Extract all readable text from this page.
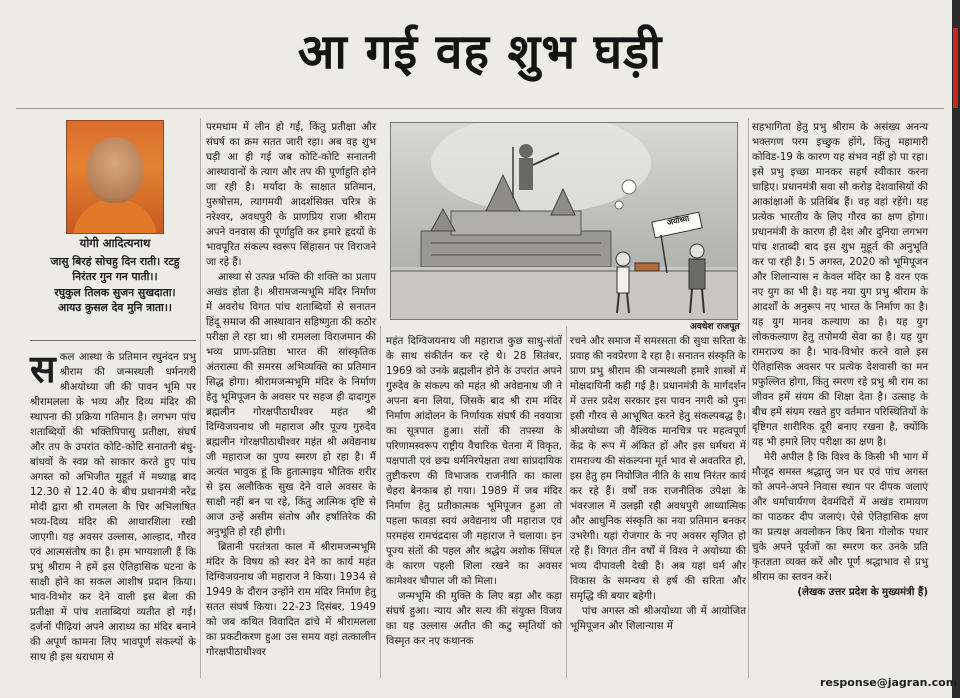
आ गई वह शुभ घड़ी
योगी आदित्यनाथ
जासु बिरहं सोचहु दिन राती। रटहु
निरंतर गुन गन पाती।।
रघुकुल तिलक सुजन सुखदाता।
आयउ कुसल देव मुनि त्राता।।
सकल आस्था के प्रतिमान रघुनंदन प्रभु श्रीराम की जन्मस्थली धर्मनगरी श्रीअयोध्या जी की पावन भूमि पर श्रीरामलला के भव्य और दिव्य मंदिर की स्थापना की प्रक्रिया गतिमान है। लगभग पांच शताब्दियों की भक्तिपिपासु प्रतीक्षा, संघर्ष और तप के उपरांत कोटि-कोटि सनातनी बंधु-बांधवों के स्वप्न को साकार करते हुए पांच अगस्त को अभिजीत मुहूर्त में मध्याह्न बाद 12.30 से 12.40 के बीच प्रधानमंत्री नरेंद्र मोदी द्वारा श्री रामलला के चिर अभिलाषित भव्य-दिव्य मंदिर की आधारशिला रखी जाएगी। यह अवसर उल्लास, आल्हाद, गौरव एवं आत्मसंतोष का है। हम भाग्यशाली हैं कि प्रभु श्रीराम ने हमें इस ऐतिहासिक घटना के साक्षी होने का सकल आशीष प्रदान किया। भाव-विभोर कर देने वाली इस बेला की प्रतीक्षा में पांच शताब्दियां व्यतीत हो गईं। दर्जनों पीढ़ियां अपने आराध्य का मंदिर बनाने की अपूर्ण कामना लिए भावपूर्ण संकल्पों के साथ ही इस धराधाम से

परमधाम में लीन हो गई, किंतु प्रतीक्षा और संघर्ष का क्रम सतत जारी रहा। अब वह शुभ घड़ी आ ही गई जब कोटि-कोटि सनातनी आस्थावानों के त्याग और तप की पूर्णाहुति होने जा रही है। मर्यादा के साक्षात प्रतिमान, पुरुषोत्तम, त्यागमयी आदर्शसिक्त चरित्र के नरेश्वर, अवधपुरी के प्राणप्रिय राजा श्रीराम अपने वनवास की पूर्णाहुति कर हमारे हृदयों के भावपूरित संकल्प स्वरूप सिंहासन पर विराजने जा रहे हैं।

आस्था से उत्पन्न भक्ति की शक्ति का प्रताप अखंड होता है। श्रीरामजन्मभूमि मंदिर निर्माण में अवरोध विगत पांच शताब्दियों से सनातन हिंदू समाज की आस्थावान सहिष्णुता की कठोर परीक्षा ले रहा था। श्री रामलला विराजमान की भव्य प्राण-प्रतिष्ठा भारत की सांस्कृतिक अंतरात्मा की समरस अभिव्यक्ति का प्रतिमान सिद्ध होगा। श्रीरामजन्मभूमि मंदिर के निर्माण हेतु भूमिपूजन के अवसर पर सहज ही दादागुरु ब्रह्मलीन गोरक्षपीठाधीश्वर महंत श्री दिग्विजयनाथ जी महाराज और पूज्य गुरुदेव ब्रह्मलीन गोरक्षपीठाधीश्वर महंत श्री अवेद्यनाथ जी महाराज का पुण्य स्मरण हो रहा है। मैं अत्यंत भावुक हूं कि हुतात्माइय भौतिक शरीर से इस अलौकिक सुख देने वाले अवसर के साक्षी नहीं बन पा रहे, किंतु आत्मिक दृष्टि से आज उन्हें असीम संतोष और हर्षातिरेक की अनुभूति हो रही होगी।

ब्रितानी परतंत्रता काल में श्रीरामजन्मभूमि मंदिर के विषय को स्वर देने का कार्य महंत दिग्विजयनाथ जी महाराज ने किया। 1934 से 1949 के दौरान उन्होंने राम मंदिर निर्माण हेतु सतत संघर्ष किया। 22-23 दिसंबर, 1949 को जब कथित विवादित ढांचे में श्रीरामलला का प्रकटीकरण हुआ उस समय वहां तत्कालीन गोरक्षपीठाधीश्वर

अयोध्या
अवधेश राजपूत

महंत दिग्विजयनाथ जी महाराज कुछ साधु-संतों के साथ संकीर्तन कर रहे थे। 28 सितंबर, 1969 को उनके ब्रह्मलीन होने के उपरांत अपने गुरुदेव के संकल्प को महंत श्री अवेद्यनाथ जी ने अपना बना लिया, जिसके बाद श्री राम मंदिर निर्माण आंदोलन के निर्णायक संघर्ष की नवयात्रा का सूत्रपात हुआ। संतों की तपस्या के परिणामस्वरूप राष्ट्रीय वैचारिक चेतना में विकृत, पक्षपाती एवं छद्म धर्मनिरपेक्षता तथा सांप्रदायिक तुष्टीकरण की विभाजक राजनीति का काला चेहरा बेनकाब हो गया। 1989 में जब मंदिर निर्माण हेतु प्रतीकात्मक भूमिपूजन हुआ तो पहला फावड़ा स्वयं अवेद्यनाथ जी महाराज एवं परमहंस रामचंद्रदास जी महाराज ने चलाया। इन पूज्य संतों की पहल और श्रद्धेय अशोक सिंघल के कारण पहली शिला रखने का अवसर कामेश्वर चौपाल जी को मिला।

जन्मभूमि की मुक्ति के लिए बड़ा और कड़ा संघर्ष हुआ। न्याय और सत्य की संयुक्त विजय का यह उल्लास अतीत की कटु स्मृतियों को विस्मृत कर नए कथानक

रचने और समाज में समरसता की सुधा सरिता के प्रवाह की नवप्रेरणा दे रहा है। सनातन संस्कृति के प्राण प्रभु श्रीराम की जन्मस्थली हमारे शास्त्रों में मोक्षदायिनी कही गई है। प्रधानमंत्री के मार्गदर्शन में उत्तर प्रदेश सरकार इस पावन नगरी को पुनः इसी गौरव से आभूषित करने हेतु संकल्पबद्ध है। श्रीअयोध्या जी वैश्विक मानचित्र पर महत्वपूर्ण केंद्र के रूप में अंकित हों और इस धर्मधरा में रामराज्य की संकल्पना मूर्त भाव से अवतरित हो, इस हेतु हम नियोजित नीति के साथ निरंतर कार्य कर रहे हैं। वर्षों तक राजनीतिक उपेक्षा के भंवरजाल में उलझी रही अवधपुरी आध्यात्मिक और आधुनिक संस्कृति का नया प्रतिमान बनकर उभरेगी। यहां रोजगार के नए अवसर सृजित हो रहे हैं। विगत तीन वर्षों में विश्व ने अयोध्या की भव्य दीपावली देखी है। अब यहां धर्म और विकास के समन्वय से हर्ष की सरिता और समृद्धि की बयार बहेगी।

पांच अगस्त को श्रीअयोध्या जी में आयोजित भूमिपूजन और शिलान्यास में

सहभागिता हेतु प्रभु श्रीराम के असंख्य अनन्य भक्तगण परम इच्छुक होंगे, किंतु महामारी कोविड-19 के कारण यह संभव नहीं हो पा रहा। इसे प्रभु इच्छा मानकर सहर्ष स्वीकार करना चाहिए। प्रधानमंत्री सवा सौ करोड़ देशवासियों की आकांक्षाओं के प्रतिबिंब हैं। वह वहां रहेंगे। यह प्रत्येक भारतीय के लिए गौरव का क्षण होगा। प्रधानमंत्री के कारण ही देश और दुनिया लगभग पांच शताब्दी बाद इस शुभ मुहूर्त की अनुभूति कर पा रही है। 5 अगस्त, 2020 को भूमिपूजन और शिलान्यास न केवल मंदिर का है वरन एक नए युग का भी है। यह नया युग प्रभु श्रीराम के आदर्शों के अनुरूप नए भारत के निर्माण का है। यह युग मानव कल्याण का है। यह युग लोककल्याण हेतु तपोमयी सेवा का है। यह युग रामराज्य का है। भाव-विभोर करने वाले इस ऐतिहासिक अवसर पर प्रत्येक देशवासी का मन प्रफुल्लित होगा, किंतु स्मरण रहे प्रभु श्री राम का जीवन हमें संयम की शिक्षा देता है। उत्साह के बीच हमें संयम रखते हुए वर्तमान परिस्थितियों के दृष्टिगत शारीरिक दूरी बनाए रखना है, क्योंकि यह भी हमारे लिए परीक्षा का क्षण है।

मेरी अपील है कि विश्व के किसी भी भाग में मौजूद समस्त श्रद्धालु जन घर एवं पांच अगस्त को अपने-अपने निवास स्थान पर दीपक जलाएं और धर्माचार्यगण देवमंदिरों में अखंड रामायण का पाठकर दीप जलाएं। ऐसे ऐतिहासिक क्षण का प्रत्यक्ष अवलोकन किए बिना गोलोक पधार चुके अपने पूर्वजों का स्मरण कर उनके प्रति कृतज्ञता व्यक्त करें और पूर्ण श्रद्धाभाव से प्रभु श्रीराम का स्तवन करें।

(लेखक उत्तर प्रदेश के मुख्यमंत्री हैं)

response@jagran.com
